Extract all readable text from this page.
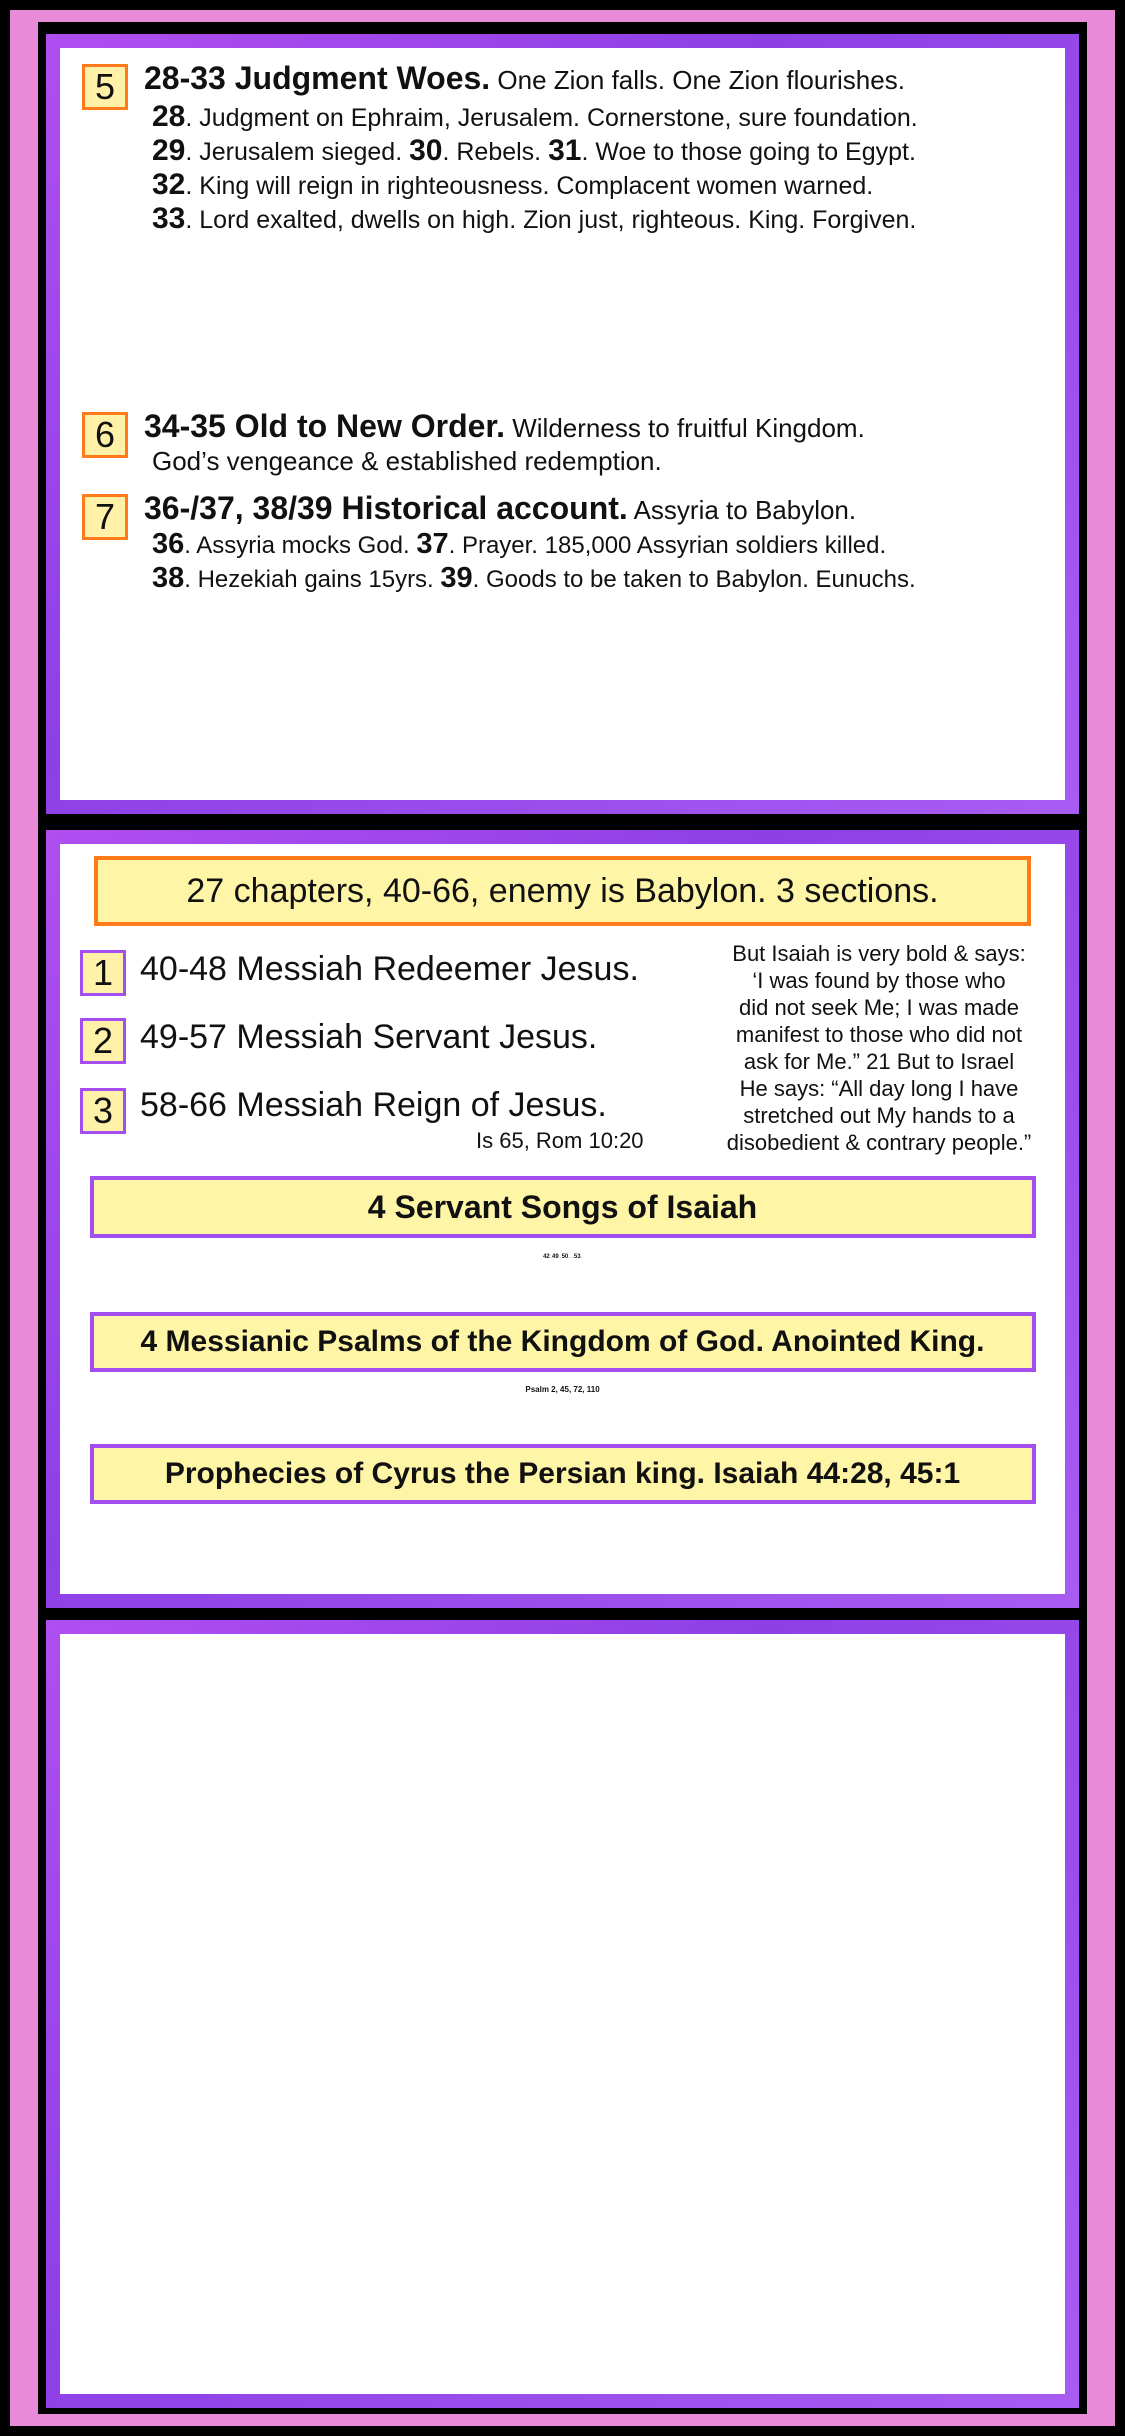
5 28-33 Judgment Woes. One Zion falls. One Zion flourishes.
28. Judgment on Ephraim, Jerusalem. Cornerstone, sure foundation.
29. Jerusalem sieged. 30. Rebels. 31. Woe to those going to Egypt.
32. King will reign in righteousness. Complacent women warned.
33. Lord exalted, dwells on high. Zion just, righteous. King. Forgiven.
6 34-35 Old to New Order. Wilderness to fruitful Kingdom.
God’s vengeance & established redemption.
7 36-/37, 38/39 Historical account. Assyria to Babylon.
36. Assyria mocks God. 37. Prayer. 185,000 Assyrian soldiers killed.
38. Hezekiah gains 15yrs. 39. Goods to be taken to Babylon. Eunuchs.
27 chapters, 40-66, enemy is Babylon. 3 sections.
1 40-48 Messiah Redeemer Jesus.
2 49-57 Messiah Servant Jesus.
3 58-66 Messiah Reign of Jesus.
Is 65, Rom 10:20
But Isaiah is very bold & says:
‘I was found by those who
did not seek Me; I was made
manifest to those who did not
ask for Me.” 21 But to Israel
He says: “All day long I have
stretched out My hands to a
disobedient & contrary people.”
4 Servant Songs of Isaiah
42:1-9, 49:1-13, 50:4-11, 52:13-53:12
4 Messianic Psalms of the Kingdom of God. Anointed King.
Psalm 2, 45, 72, 110
Prophecies of Cyrus the Persian king. Isaiah 44:28, 45:1
